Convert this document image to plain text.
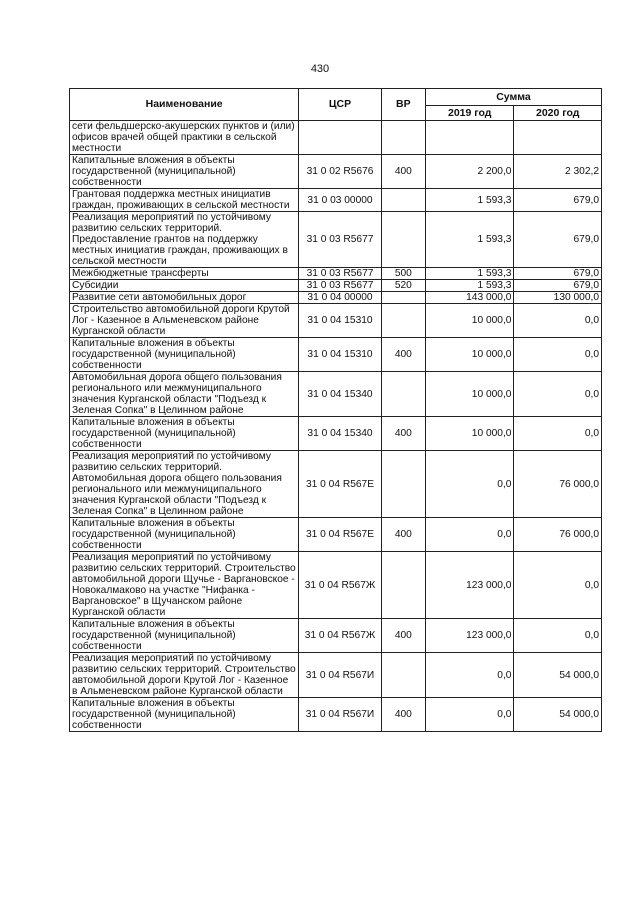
430
Наименование	ЦСР	ВР	Сумма	
			2019 год	2020 год
сети фельдшерско-акушерских пунктов и (или) офисов врачей общей практики в сельской местности				
Капитальные вложения в объекты государственной (муниципальной) собственности	31 0 02 R5676	400	2 200,0	2 302,2
Грантовая поддержка местных инициатив граждан, проживающих в сельской местности	31 0 03 00000		1 593,3	679,0
Реализация мероприятий по устойчивому развитию сельских территорий. Предоставление грантов на поддержку местных инициатив граждан, проживающих в сельской местности	31 0 03 R5677		1 593,3	679,0
Межбюджетные трансферты	31 0 03 R5677	500	1 593,3	679,0
Субсидии	31 0 03 R5677	520	1 593,3	679,0
Развитие сети автомобильных дорог	31 0 04 00000		143 000,0	130 000,0
Строительство автомобильной дороги Крутой Лог - Казенное в Альменевском районе Курганской области	31 0 04 15310		10 000,0	0,0
Капитальные вложения в объекты государственной (муниципальной) собственности	31 0 04 15310	400	10 000,0	0,0
Автомобильная дорога общего пользования регионального или межмуниципального значения Курганской области "Подъезд к Зеленая Сопка" в Целинном районе	31 0 04 15340		10 000,0	0,0
Капитальные вложения в объекты государственной (муниципальной) собственности	31 0 04 15340	400	10 000,0	0,0
Реализация мероприятий по устойчивому развитию сельских территорий. Автомобильная дорога общего пользования регионального или межмуниципального значения Курганской области "Подъезд к Зеленая Сопка" в Целинном районе	31 0 04 R567Е		0,0	76 000,0
Капитальные вложения в объекты государственной (муниципальной) собственности	31 0 04 R567Е	400	0,0	76 000,0
Реализация мероприятий по устойчивому развитию сельских территорий. Строительство автомобильной дороги Щучье - Варгановское - Новокалмаково на участке "Нифанка - Варгановское" в Щучанском районе Курганской области	31 0 04 R567Ж		123 000,0	0,0
Капитальные вложения в объекты государственной (муниципальной) собственности	31 0 04 R567Ж	400	123 000,0	0,0
Реализация мероприятий по устойчивому развитию сельских территорий. Строительство автомобильной дороги Крутой Лог - Казенное в Альменевском районе Курганской области	31 0 04 R567И		0,0	54 000,0
Капитальные вложения в объекты государственной (муниципальной) собственности	31 0 04 R567И	400	0,0	54 000,0
